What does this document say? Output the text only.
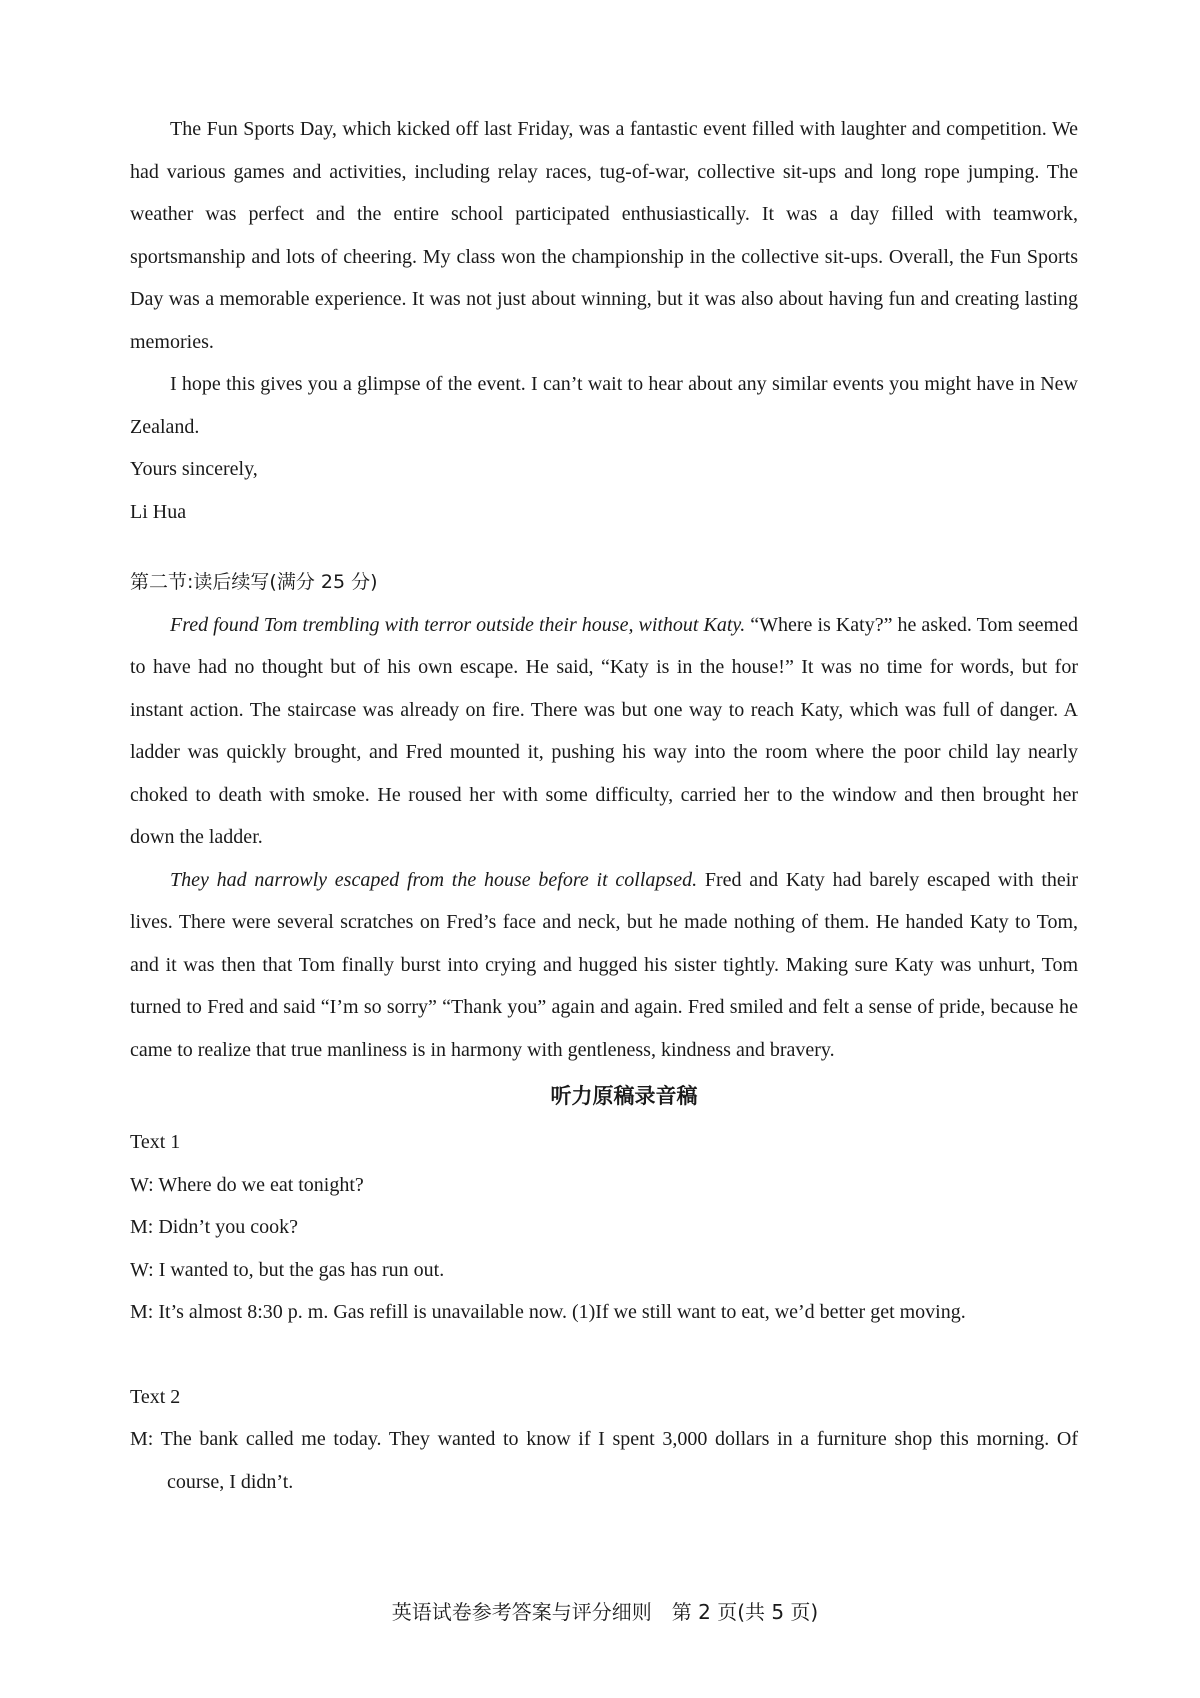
The Fun Sports Day, which kicked off last Friday, was a fantastic event filled with laughter and competition. We had various games and activities, including relay races, tug-of-war, collective sit-ups and long rope jumping. The weather was perfect and the entire school participated enthusiastically. It was a day filled with teamwork, sportsmanship and lots of cheering. My class won the championship in the collective sit-ups. Overall, the Fun Sports Day was a memorable experience. It was not just about winning, but it was also about having fun and creating lasting memories.

I hope this gives you a glimpse of the event. I can’t wait to hear about any similar events you might have in New Zealand.

Yours sincerely,

Li Hua

第二节:读后续写(满分 25 分)

Fred found Tom trembling with terror outside their house, without Katy. “Where is Katy?” he asked. Tom seemed to have had no thought but of his own escape. He said, “Katy is in the house!” It was no time for words, but for instant action. The staircase was already on fire. There was but one way to reach Katy, which was full of danger. A ladder was quickly brought, and Fred mounted it, pushing his way into the room where the poor child lay nearly choked to death with smoke. He roused her with some difficulty, carried her to the window and then brought her down the ladder.

They had narrowly escaped from the house before it collapsed. Fred and Katy had barely escaped with their lives. There were several scratches on Fred’s face and neck, but he made nothing of them. He handed Katy to Tom, and it was then that Tom finally burst into crying and hugged his sister tightly. Making sure Katy was unhurt, Tom turned to Fred and said “I’m so sorry” “Thank you” again and again. Fred smiled and felt a sense of pride, because he came to realize that true manliness is in harmony with gentleness, kindness and bravery.

听力原稿录音稿

Text 1

W: Where do we eat tonight?

M: Didn’t you cook?

W: I wanted to, but the gas has run out.

M: It’s almost 8:30 p. m. Gas refill is unavailable now. (1)If we still want to eat, we’d better get moving.

Text 2

M: The bank called me today. They wanted to know if I spent 3,000 dollars in a furniture shop this morning. Of course, I didn’t.

英语试卷参考答案与评分细则　第 2 页(共 5 页)
